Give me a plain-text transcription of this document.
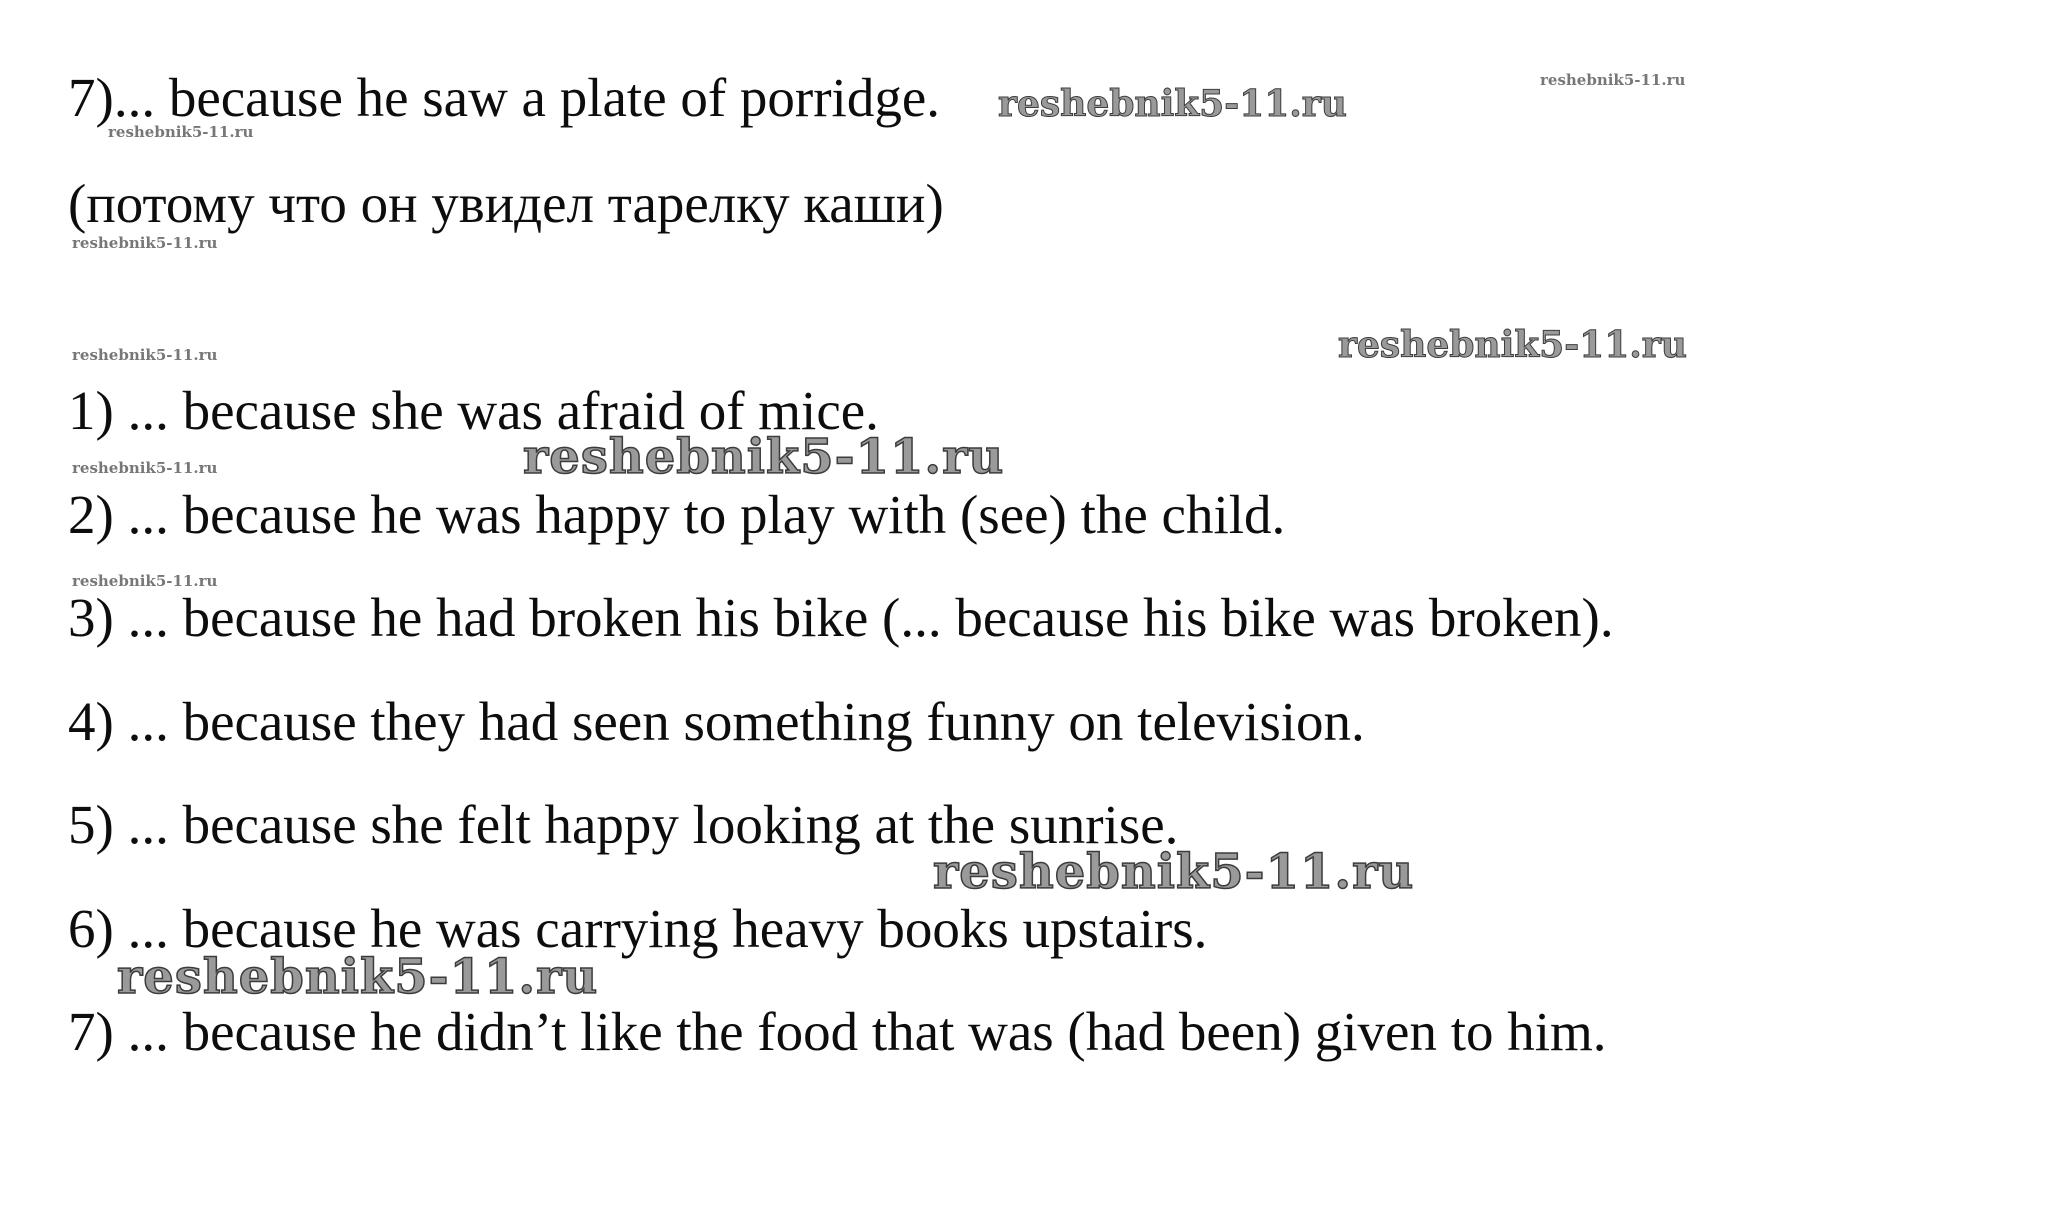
7)... because he saw a plate of porridge.
(потому что он увидел тарелку каши)
1) ... because she was afraid of mice.
2) ... because he was happy to play with (see) the child.
3) ... because he had broken his bike (... because his bike was broken).
4) ... because they had seen something funny on television.
5) ... because she felt happy looking at the sunrise.
6) ... because he was carrying heavy books upstairs.
7) ... because he didn’t like the food that was (had been) given to him.
reshebnik5-11.ru
reshebnik5-11.ru
reshebnik5-11.ru
reshebnik5-11.ru
reshebnik5-11.ru	reshebnik5-11.ru
reshebnik5-11.ru
reshebnik5-11.ru
reshebnik5-11.ru
reshebnik5-11.ru
reshebnik5-11.ru
